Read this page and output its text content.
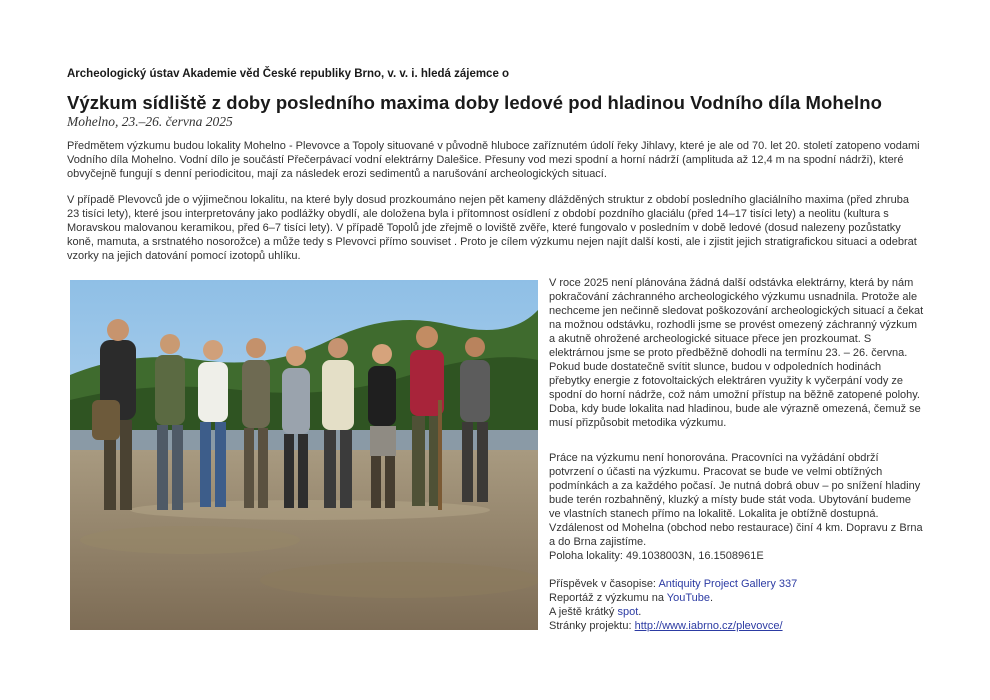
Archeologický ústav Akademie věd České republiky Brno, v. v. i. hledá zájemce o
Výzkum sídliště z doby posledního maxima doby ledové pod hladinou Vodního díla Mohelno
Mohelno, 23.–26. června 2025
Předmětem výzkumu budou lokality Mohelno - Plevovce a Topoly situované v původně hluboce zaříznutém údolí řeky Jihlavy, které je ale od 70. let 20. století zatopeno vodami Vodního díla Mohelno. Vodní dílo je součástí Přečerpávací vodní elektrárny Dalešice. Přesuny vod mezi spodní a horní nádrží (amplituda až 12,4 m na spodní nádrži), které obvyčejně fungují s denní periodicitou, mají za následek erozi sedimentů a narušování archeologických situací.
V případě Plevovců jde o výjimečnou lokalitu, na které byly dosud prozkoumáno nejen pět kameny dlážděných struktur z období posledního glaciálního maxima (před zhruba 23 tisíci lety), které jsou interpretovány jako podlážky obydlí, ale doložena byla i přítomnost osídlení z období pozdního glaciálu (před 14–17 tisíci lety) a neolitu (kultura s Moravskou malovanou keramikou, před 6–7 tisíci lety). V případě Topolů jde zřejmě o loviště zvěře, které fungovalo v posledním v době ledové (dosud nalezeny pozůstatky koně, mamuta, a srstnatého nosorožce) a může tedy s Plevovci přímo souviset . Proto je cílem výzkumu nejen najít další kosti, ale i zjistit jejich stratigrafickou situaci a odebrat vzorky na jejich datování pomocí izotopů uhlíku.
V roce 2025 není plánována žádná další odstávka elektrárny, která by nám pokračování záchranného archeologického výzkumu usnadnila. Protože ale nechceme jen nečinně sledovat poškozování archeologických situací a čekat na možnou odstávku, rozhodli jsme se provést omezený záchranný výzkum a akutně ohrožené archeologické situace přece jen prozkoumat. S elektrárnou jsme se proto předběžně dohodli na termínu 23. – 26. června. Pokud bude dostatečně svítit slunce, budou v odpoledních hodinách přebytky energie z fotovoltaických elektráren využity k vyčerpání vody ze spodní do horní nádrže, což nám umožní přístup na běžně zatopené polohy. Doba, kdy bude lokalita nad hladinou, bude ale výrazně omezená, čemuž se musí přizpůsobit metodika výzkumu.
Práce na výzkumu není honorována. Pracovníci na vyžádání obdrží potvrzení o účasti na výzkumu. Pracovat se bude ve velmi obtížných podmínkách a za každého počasí. Je nutná dobrá obuv – po snížení hladiny bude terén rozbahněný, kluzký a místy bude stát voda. Ubytování budeme ve vlastních stanech přímo na lokalitě. Lokalita je obtížně dostupná. Vzdálenost od Mohelna (obchod nebo restaurace) činí 4 km. Dopravu z Brna a do Brna zajistíme.
Poloha lokality: 49.1038003N, 16.1508961E
Příspěvek v časopise: Antiquity Project Gallery 337
Reportáž z výzkumu na YouTube.
A ještě krátký spot.
Stránky projektu: http://www.iabrno.cz/plevovce/
